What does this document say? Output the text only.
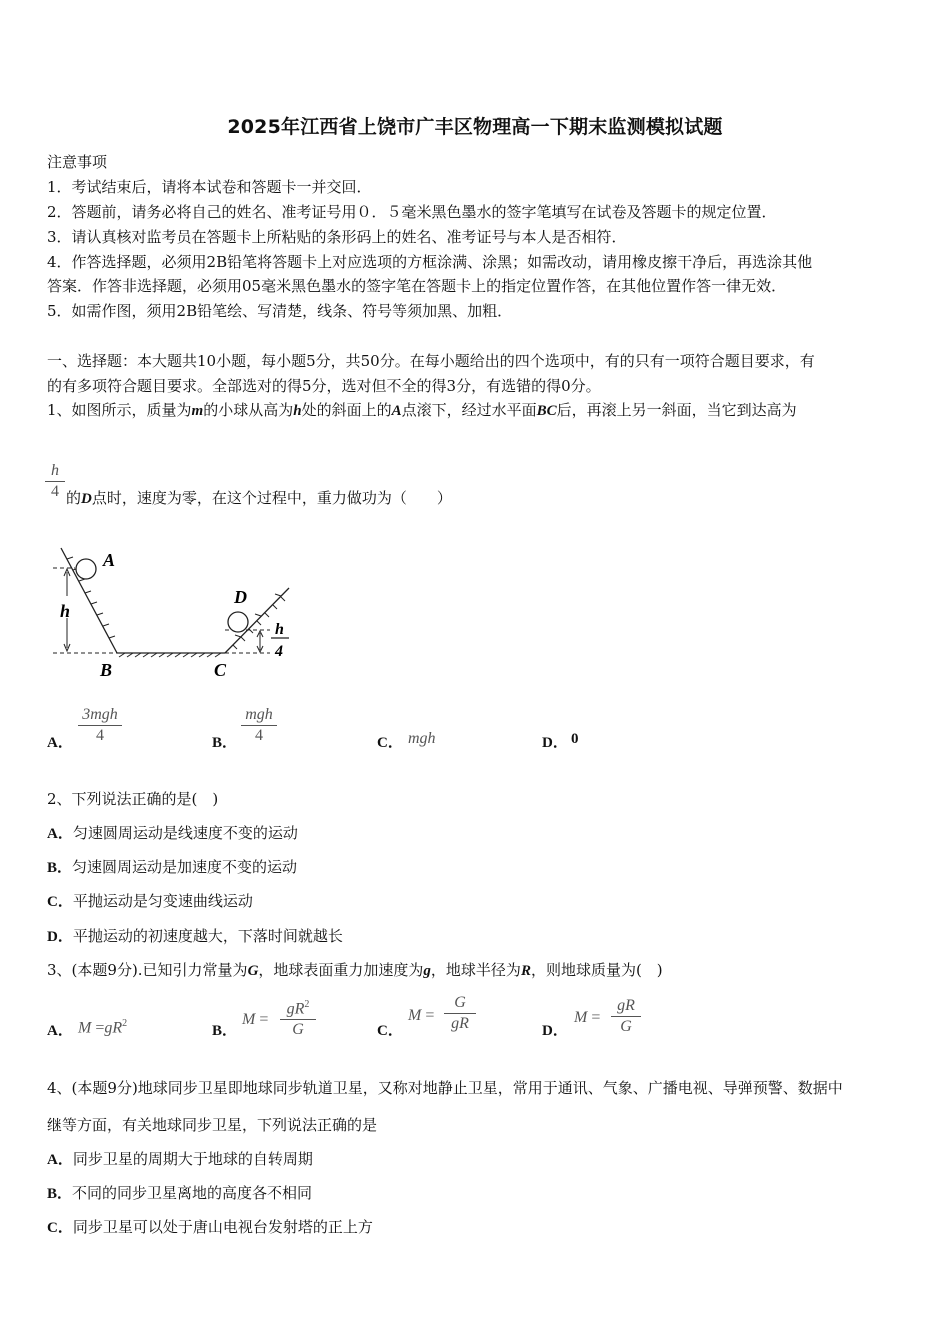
2025年江西省上饶市广丰区物理高一下期末监测模拟试题
注意事项
1．考试结束后，请将本试卷和答题卡一并交回．
2．答题前，请务必将自己的姓名、准考证号用０．５毫米黑色墨水的签字笔填写在试卷及答题卡的规定位置．
3．请认真核对监考员在答题卡上所粘贴的条形码上的姓名、准考证号与本人是否相符．
4．作答选择题，必须用2B铅笔将答题卡上对应选项的方框涂满、涂黑；如需改动，请用橡皮擦干净后，再选涂其他
答案．作答非选择题，必须用05毫米黑色墨水的签字笔在答题卡上的指定位置作答，在其他位置作答一律无效．
5．如需作图，须用2B铅笔绘、写清楚，线条、符号等须加黑、加粗．
一、选择题：本大题共10小题，每小题5分，共50分。在每小题给出的四个选项中，有的只有一项符合题目要求，有
的有多项符合题目要求。全部选对的得5分，选对但不全的得3分，有选错的得0分。
1、如图所示，质量为m的小球从高为h处的斜面上的A点滚下，经过水平面BC后，再滚上另一斜面，当它到达高为
h
4 的D点时，速度为零，在这个过程中，重力做功为（　　）
A
B	C
D
h
h
4
A．
3mgh
4	B．
mgh
4	C． mgh	D． 0
2、下列说法正确的是(　)
A．匀速圆周运动是线速度不变的运动
B．匀速圆周运动是加速度不变的运动
C．平抛运动是匀变速曲线运动
D．平抛运动的初速度越大，下落时间就越长
3、(本题9分).已知引力常量为G，地球表面重力加速度为g，地球半径为R，则地球质量为(　)
A． $M =gR^2$	B．
M =
$gR^2$
G	C．
M =
G
gR	D．
M =
gR
G
4、(本题9分)地球同步卫星即地球同步轨道卫星，又称对地静止卫星，常用于通讯、气象、广播电视、导弹预警、数据中
继等方面，有关地球同步卫星，下列说法正确的是
A．同步卫星的周期大于地球的自转周期
B．不同的同步卫星离地的高度各不相同
C．同步卫星可以处于唐山电视台发射塔的正上方
